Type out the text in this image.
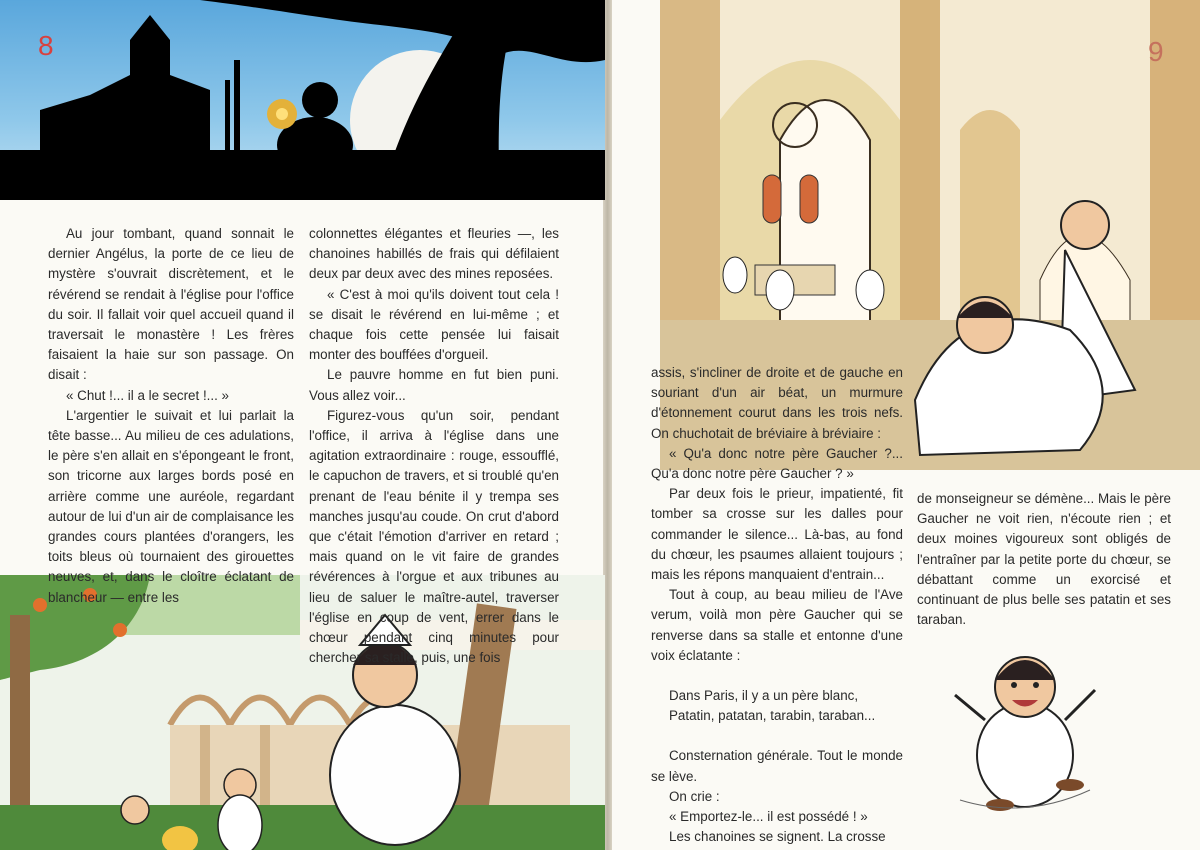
8	9

Au jour tombant, quand sonnait le dernier Angélus, la porte de ce lieu de mystère s'ouvrait discrètement, et le révérend se rendait à l'église pour l'office du soir. Il fallait voir quel accueil quand il traversait le monastère ! Les frères faisaient la haie sur son passage. On disait :

« Chut !... il a le secret !... »

L'argentier le suivait et lui parlait la tête basse... Au milieu de ces adulations, le père s'en allait en s'épongeant le front, son tricorne aux larges bords posé en arrière comme une auréole, regardant autour de lui d'un air de complaisance les grandes cours plantées d'orangers, les toits bleus où tournaient des girouettes neuves, et, dans le cloître éclatant de blancheur — entre les

colonnettes élégantes et fleuries —, les chanoines habillés de frais qui défilaient deux par deux avec des mines reposées.

« C'est à moi qu'ils doivent tout cela ! se disait le révérend en lui-même ; et chaque fois cette pensée lui faisait monter des bouffées d'orgueil.

Le pauvre homme en fut bien puni. Vous allez voir...

Figurez-vous qu'un soir, pendant l'office, il arriva à l'église dans une agitation extraordinaire : rouge, essoufflé, le capuchon de travers, et si troublé qu'en prenant de l'eau bénite il y trempa ses manches jusqu'au coude. On crut d'abord que c'était l'émotion d'arriver en retard ; mais quand on le vit faire de grandes révérences à l'orgue et aux tribunes au lieu de saluer le maître-autel, traverser l'église en coup de vent, errer dans le chœur pendant cinq minutes pour chercher sa stalle, puis, une fois

assis, s'incliner de droite et de gauche en souriant d'un air béat, un murmure d'étonnement courut dans les trois nefs. On chuchotait de bréviaire à bréviaire :

« Qu'a donc notre père Gaucher ?... Qu'a donc notre père Gaucher ? »

Par deux fois le prieur, impatienté, fit tomber sa crosse sur les dalles pour commander le silence... Là-bas, au fond du chœur, les psaumes allaient toujours ; mais les répons manquaient d'entrain...

Tout à coup, au beau milieu de l'Ave verum, voilà mon père Gaucher qui se renverse dans sa stalle et entonne d'une voix éclatante :

Dans Paris, il y a un père blanc,

Patatin, patatan, tarabin, taraban...

Consternation générale. Tout le monde se lève.

On crie :

« Emportez-le... il est possédé ! »

Les chanoines se signent. La crosse

de monseigneur se démène... Mais le père Gaucher ne voit rien, n'écoute rien ; et deux moines vigoureux sont obligés de l'entraîner par la petite porte du chœur, se débattant comme un exorcisé et continuant de plus belle ses patatin et ses taraban.
